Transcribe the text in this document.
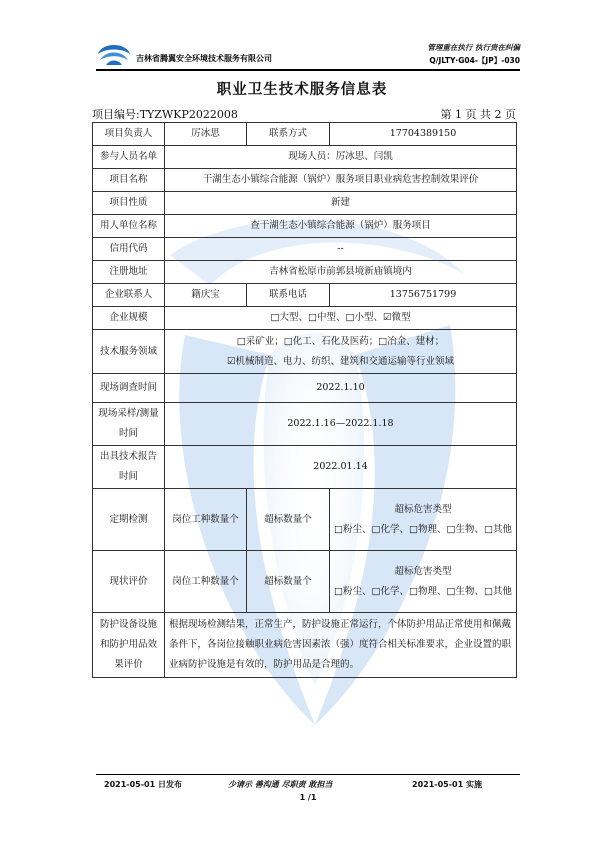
吉林省腾翼安全环境技术服务有限公司
管理重在执行 执行贵在纠偏
Q/JLTY·G04-【JP】-030
职业卫生技术服务信息表
项目编号:TYZWKP2022008	第 1 页 共 2 页
项目负责人	厉冰思	联系方式	17704389150
参与人员名单	现场人员：厉冰思、闫凯		
项目名称	干湖生态小镇综合能源（锅炉）服务项目职业病危害控制效果评价		
项目性质	新建		
用人单位名称	查干湖生态小镇综合能源（锅炉）服务项目		
信用代码	--		
注册地址	吉林省松原市前郭县境新庙镇境内		
企业联系人	籍庆宝	联系电话	13756751799
企业规模	□大型、□中型、□小型、☑微型		
技术服务领域	□采矿业；□化工、石化及医药；□冶金、建材；
☑机械制造、电力、纺织、建筑和交通运输等行业领域		

现场调查时间	2022.1.10		
现场采样/测量时间	2022.1.16—2022.1.18		
出具技术报告时间	2022.01.14		
定期检测	岗位工种数量个	超标数量个	超标危害类型
□粉尘、□化学、□物理、□生物、□其他

现状评价	岗位工种数量个	超标数量个	超标危害类型
□粉尘、□化学、□物理、□生物、□其他

防护设备设施和防护用品效果评价	根据现场检测结果，正常生产，防护设施正常运行，个体防护用品正常使用和佩戴条件下，各岗位接触职业病危害因素浓（强）度符合相关标准要求，企业设置的职业病防护设施是有效的，防护用品是合理的。		
2021-05-01 日发布	少请示 善沟通 尽职责 敢担当	2021-05-01 实施
1 /1
